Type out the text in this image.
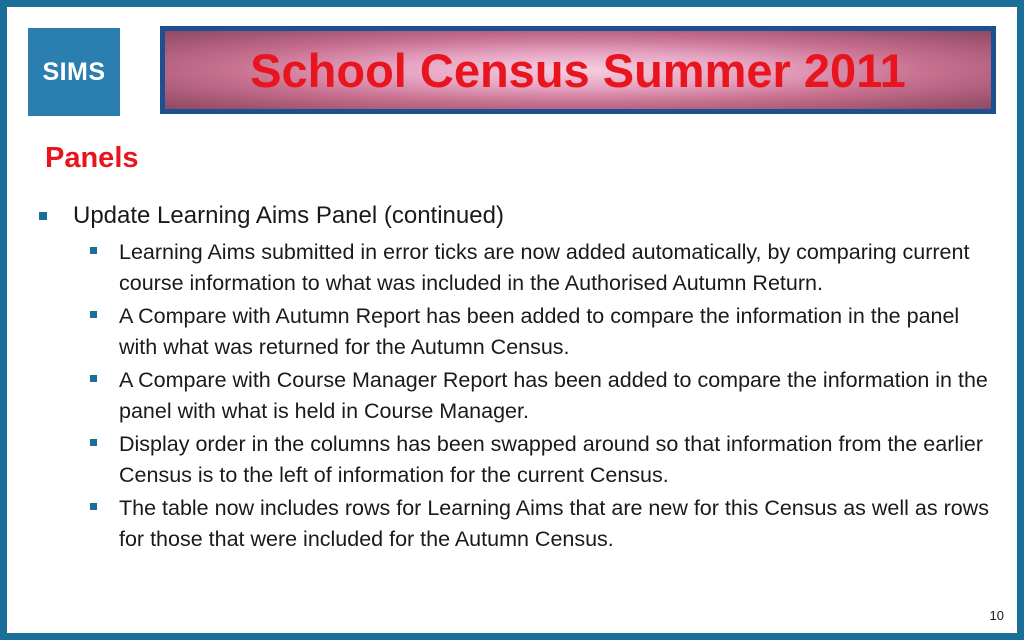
SIMS	School Census Summer 2011
Panels
Update Learning Aims Panel (continued)
Learning Aims submitted in error ticks are now added automatically, by comparing current course information to what was included in the Authorised Autumn Return.
A Compare with Autumn Report has been added to compare the information in the panel with what was returned for the Autumn Census.
A Compare with Course Manager Report has been added to compare the information in the panel with what is held in Course Manager.
Display order in the columns has been swapped around so that information from the earlier Census is to the left of information for the current Census.
The table now includes rows for Learning Aims that are new for this Census as well as rows for those that were included for the Autumn Census.
10
